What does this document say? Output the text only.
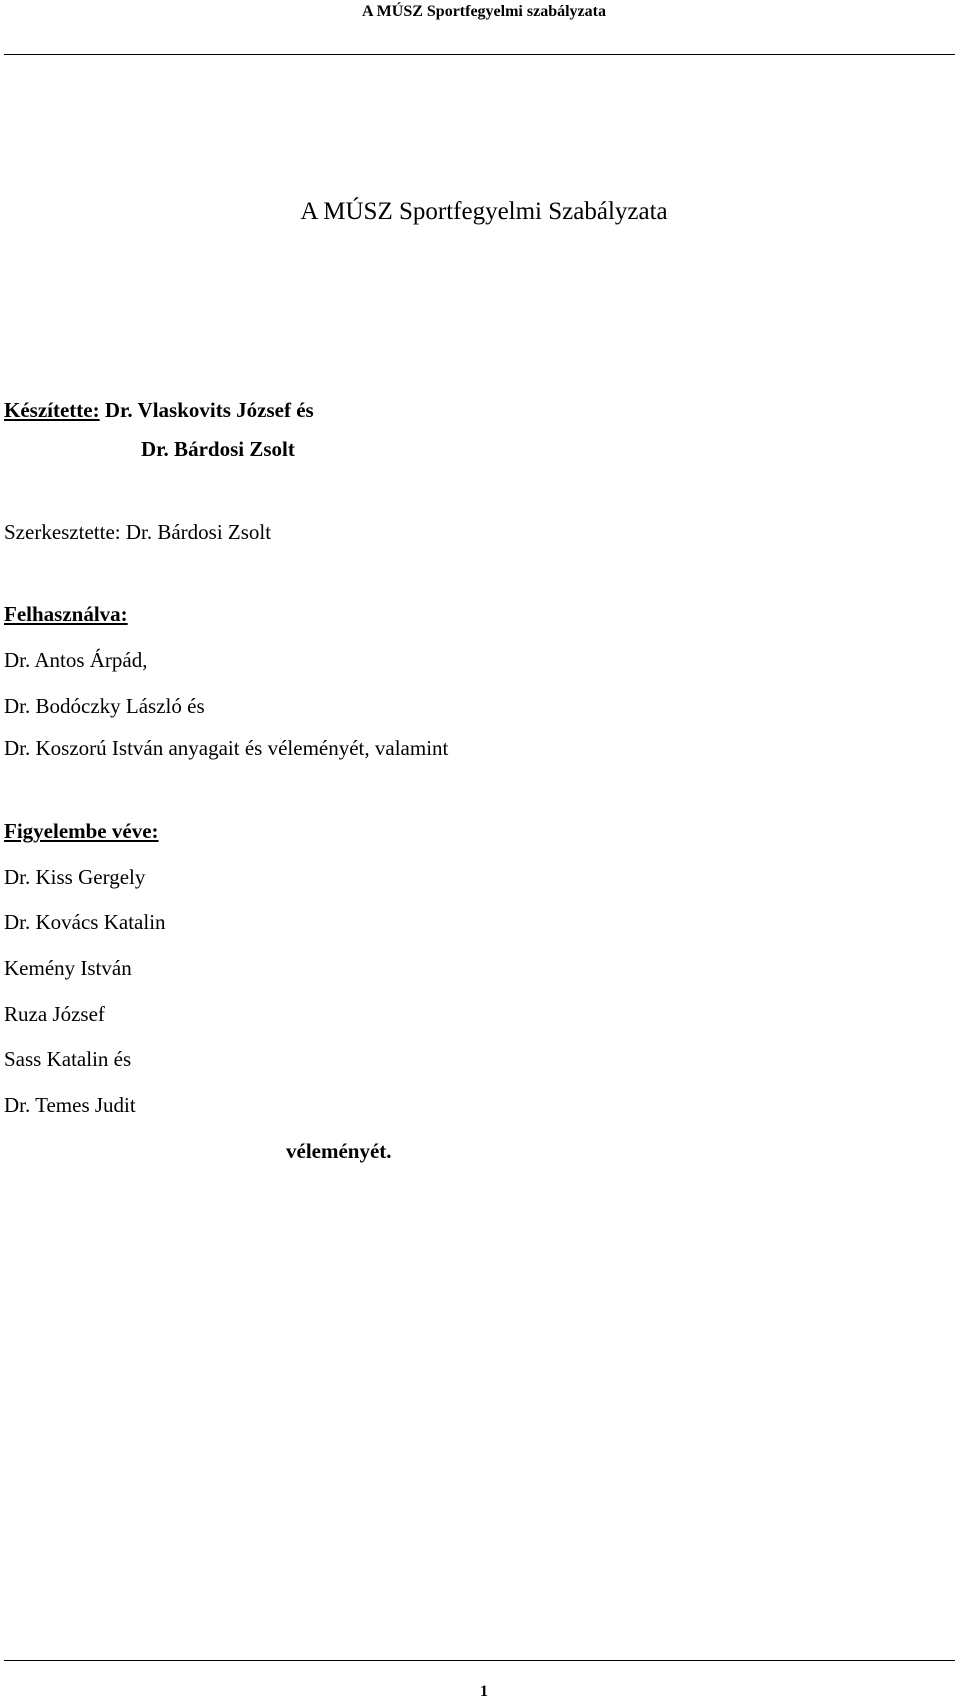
A MÚSZ Sportfegyelmi szabályzata
A MÚSZ Sportfegyelmi Szabályzata
Készítette: Dr. Vlaskovits József és
Dr. Bárdosi Zsolt
Szerkesztette: Dr. Bárdosi Zsolt
Felhasználva:
Dr. Antos Árpád,
Dr. Bodóczky László és
Dr. Koszorú István anyagait és véleményét, valamint
Figyelembe véve:
Dr. Kiss Gergely
Dr. Kovács Katalin
Kemény István
Ruza József
Sass Katalin és
Dr. Temes Judit
véleményét.
1
